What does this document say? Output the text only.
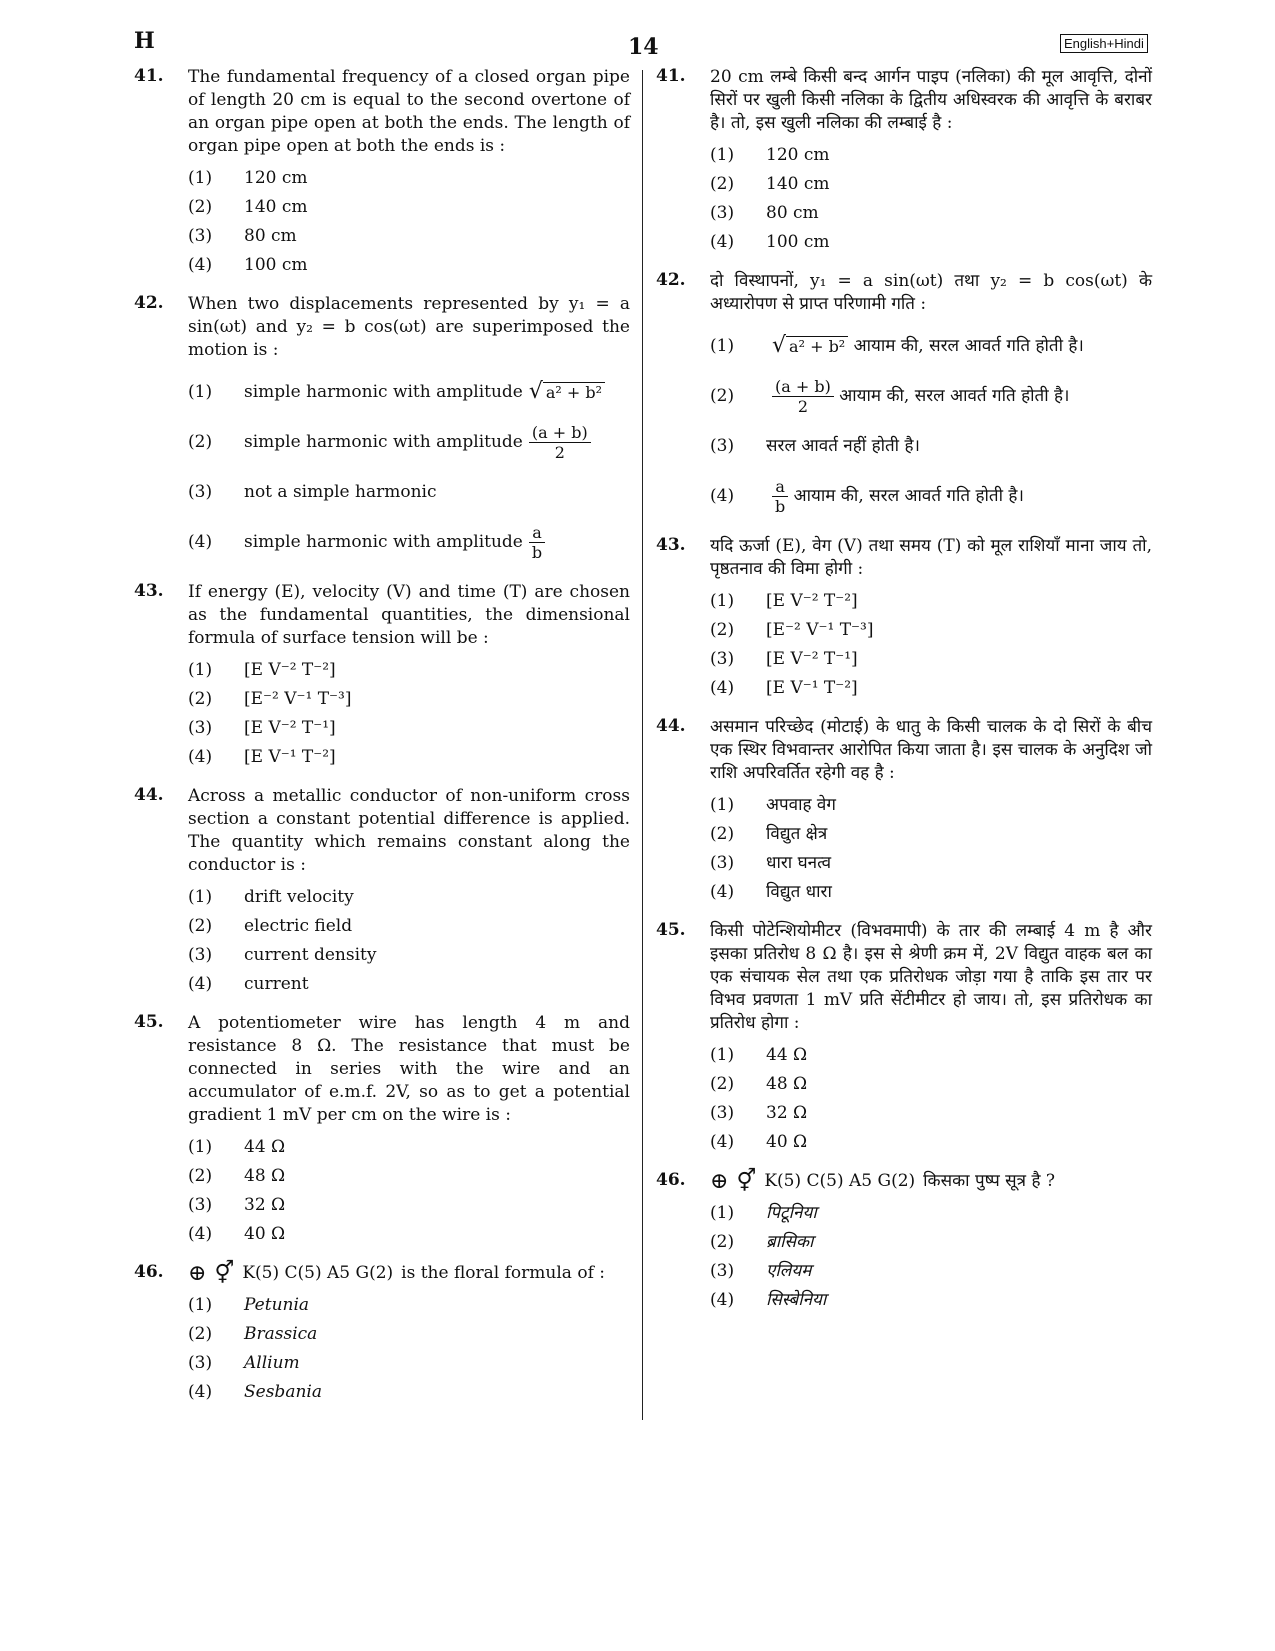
H	14	English+Hindi
41. The fundamental frequency of a closed organ pipe of length 20 cm is equal to the second overtone of an organ pipe open at both the ends. The length of organ pipe open at both the ends is :
(1)	120 cm
(2)	140 cm
(3)	80 cm
(4)	100 cm
42. When two displacements represented by y₁ = a sin(ωt) and y₂ = b cos(ωt) are superimposed the motion is :
(1)	simple harmonic with amplitude √ a² + b²
(2)	simple harmonic with amplitude $\frac{(a + b)}{2}$
(3)	not a simple harmonic
(4)	simple harmonic with amplitude $\frac{a}{b}$
43. If energy (E), velocity (V) and time (T) are chosen as the fundamental quantities, the dimensional formula of surface tension will be :
(1)	[E V⁻² T⁻²]
(2)	[E⁻² V⁻¹ T⁻³]
(3)	[E V⁻² T⁻¹]
(4)	[E V⁻¹ T⁻²]
44. Across a metallic conductor of non-uniform cross section a constant potential difference is applied. The quantity which remains constant along the conductor is :
(1)	drift velocity
(2)	electric field
(3)	current density
(4)	current
45. A potentiometer wire has length 4 m and resistance 8 Ω. The resistance that must be connected in series with the wire and an accumulator of e.m.f. 2V, so as to get a potential gradient 1 mV per cm on the wire is :
(1)	44 Ω
(2)	48 Ω
(3)	32 Ω
(4)	40 Ω
46. ⊕ ⚥ K(5) C(5) A5 G(2) is the floral formula of :
(1)	Petunia
(2)	Brassica
(3)	Allium
(4)	Sesbania
41. 20 cm लम्बे किसी बन्द आर्गन पाइप (नलिका) की मूल आवृत्ति, दोनों सिरों पर खुली किसी नलिका के द्वितीय अधिस्वरक की आवृत्ति के बराबर है। तो, इस खुली नलिका की लम्बाई है :
(1)	120 cm
(2)	140 cm
(3)	80 cm
(4)	100 cm
42. दो विस्थापनों, y₁ = a sin(ωt) तथा y₂ = b cos(ωt) के अध्यारोपण से प्राप्त परिणामी गति :
(1)	√ a² + b² आयाम की, सरल आवर्त गति होती है।
(2)	$\frac{(a + b)}{2}$ आयाम की, सरल आवर्त गति होती है।
(3)	सरल आवर्त नहीं होती है।
(4)	$\frac{a}{b}$ आयाम की, सरल आवर्त गति होती है।
43. यदि ऊर्जा (E), वेग (V) तथा समय (T) को मूल राशियाँ माना जाय तो, पृष्ठतनाव की विमा होगी :
(1)	[E V⁻² T⁻²]
(2)	[E⁻² V⁻¹ T⁻³]
(3)	[E V⁻² T⁻¹]
(4)	[E V⁻¹ T⁻²]
44. असमान परिच्छेद (मोटाई) के धातु के किसी चालक के दो सिरों के बीच एक स्थिर विभवान्तर आरोपित किया जाता है। इस चालक के अनुदिश जो राशि अपरिवर्तित रहेगी वह है :
(1)	अपवाह वेग
(2)	विद्युत क्षेत्र
(3)	धारा घनत्व
(4)	विद्युत धारा
45. किसी पोटेन्शियोमीटर (विभवमापी) के तार की लम्बाई 4 m है और इसका प्रतिरोध 8 Ω है। इस से श्रेणी क्रम में, 2V विद्युत वाहक बल का एक संचायक सेल तथा एक प्रतिरोधक जोड़ा गया है ताकि इस तार पर विभव प्रवणता 1 mV प्रति सेंटीमीटर हो जाय। तो, इस प्रतिरोधक का प्रतिरोध होगा :
(1)	44 Ω
(2)	48 Ω
(3)	32 Ω
(4)	40 Ω
46. ⊕ ⚥ K(5) C(5) A5 G(2) किसका पुष्प सूत्र है ?
(1)	पिटूनिया
(2)	ब्रासिका
(3)	एलियम
(4)	सिस्बेनिया
